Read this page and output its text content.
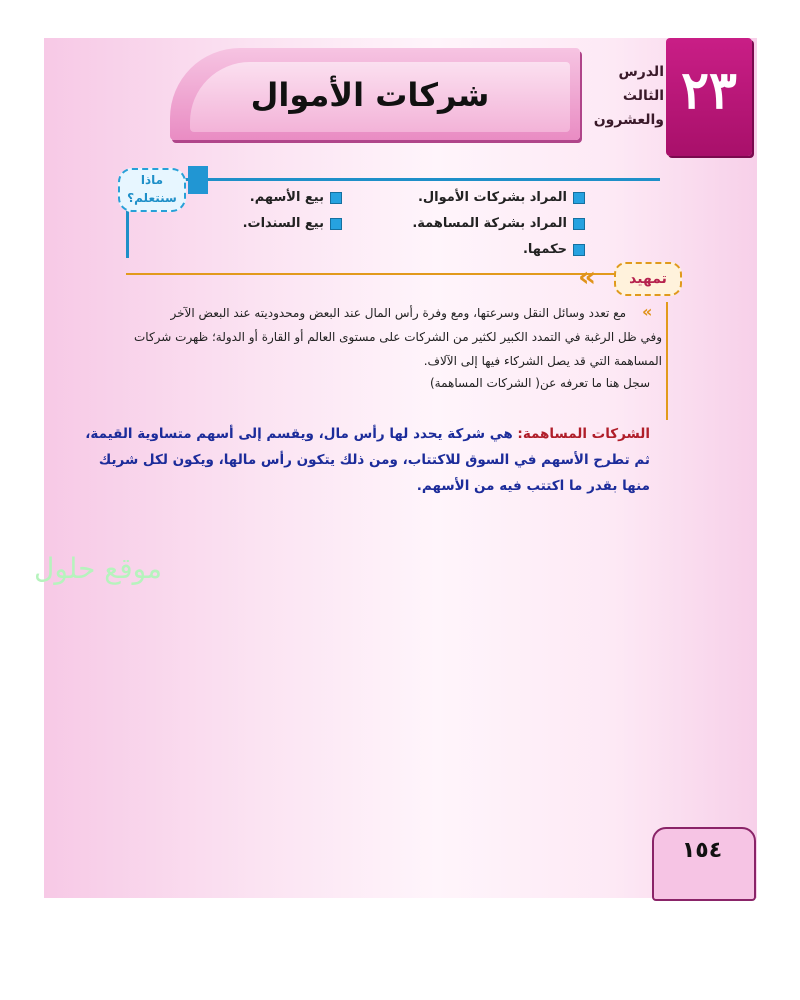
٢٣
الدرس
الثالث
والعشرون
شركات الأموال
ماذا
سنتعلم؟	المراد بشركات الأموال.
بيع الأسهم.
المراد بشركة المساهمة.
بيع السندات.
حكمها.
«	تمهيد
«
مع تعدد وسائل النقل وسرعتها، ومع وفرة رأس المال عند البعض ومحدوديته عند البعض الآخر
وفي ظل الرغبة في التمدد الكبير لكثير من الشركات على مستوى العالم أو القارة أو الدولة؛ ظهرت شركات
المساهمة التي قد يصل الشركاء فيها إلى الآلاف.
سجل هنا ما تعرفه عن( الشركات المساهمة)
الشركات المساهمة: هي شركة يحدد لها رأس مال، ويقسم إلى أسهم متساوية القيمة،
ثم تطرح الأسهم في السوق للاكتتاب، ومن ذلك يتكون رأس مالها، ويكون لكل شريك
منها بقدر ما اكتتب فيه من الأسهم.
موقع حلول
١٥٤
